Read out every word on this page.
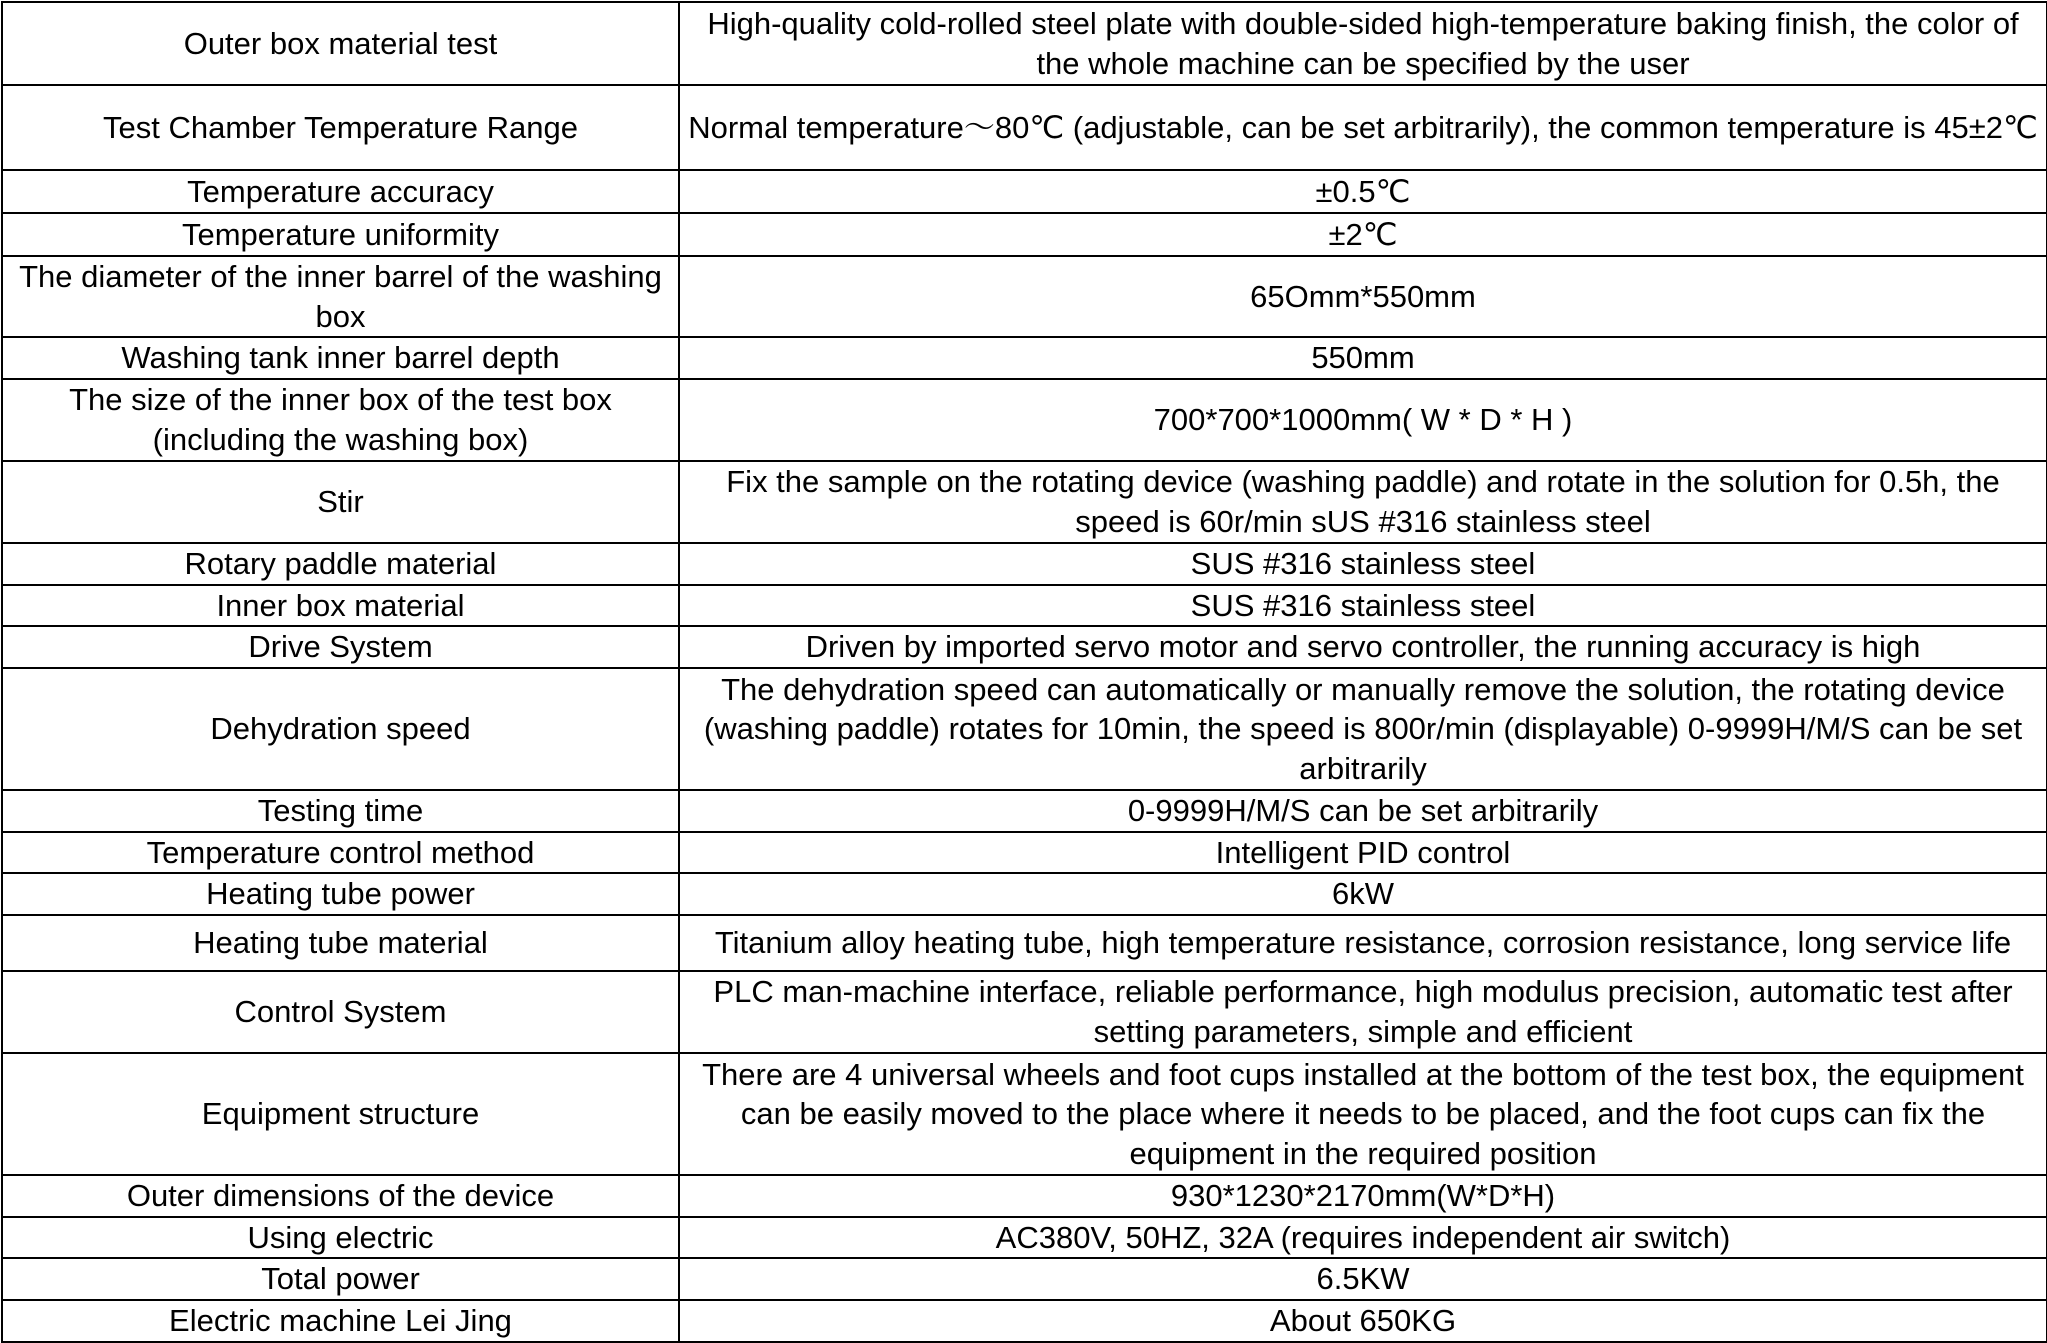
Outer box material test	High-quality cold-rolled steel plate with double-sided high-temperature baking finish, the color of the whole machine can be specified by the user
Test Chamber Temperature Range	Normal temperature～80℃ (adjustable, can be set arbitrarily), the common temperature is 45±2℃
Temperature accuracy	±0.5℃
Temperature uniformity	±2℃
The diameter of the inner barrel of the washing box	65Omm*550mm
Washing tank inner barrel depth	550mm
The size of the inner box of the test box (including the washing box)	700*700*1000mm( W * D * H )
Stir	Fix the sample on the rotating device (washing paddle) and rotate in the solution for 0.5h, the speed is 60r/min sUS #316 stainless steel
Rotary paddle material	SUS #316 stainless steel
Inner box material	SUS #316 stainless steel
Drive System	Driven by imported servo motor and servo controller, the running accuracy is high
Dehydration speed	The dehydration speed can automatically or manually remove the solution, the rotating device (washing paddle) rotates for 10min, the speed is 800r/min (displayable) 0-9999H/M/S can be set arbitrarily
Testing time	0-9999H/M/S can be set arbitrarily
Temperature control method	Intelligent PID control
Heating tube power	6kW
Heating tube material	Titanium alloy heating tube, high temperature resistance, corrosion resistance, long service life
Control System	PLC man-machine interface, reliable performance, high modulus precision, automatic test after setting parameters, simple and efficient
Equipment structure	There are 4 universal wheels and foot cups installed at the bottom of the test box, the equipment can be easily moved to the place where it needs to be placed, and the foot cups can fix the equipment in the required position
Outer dimensions of the device	930*1230*2170mm(W*D*H)
Using electric	AC380V, 50HZ, 32A (requires independent air switch)
Total power	6.5KW
Electric machine Lei Jing	About 650KG
